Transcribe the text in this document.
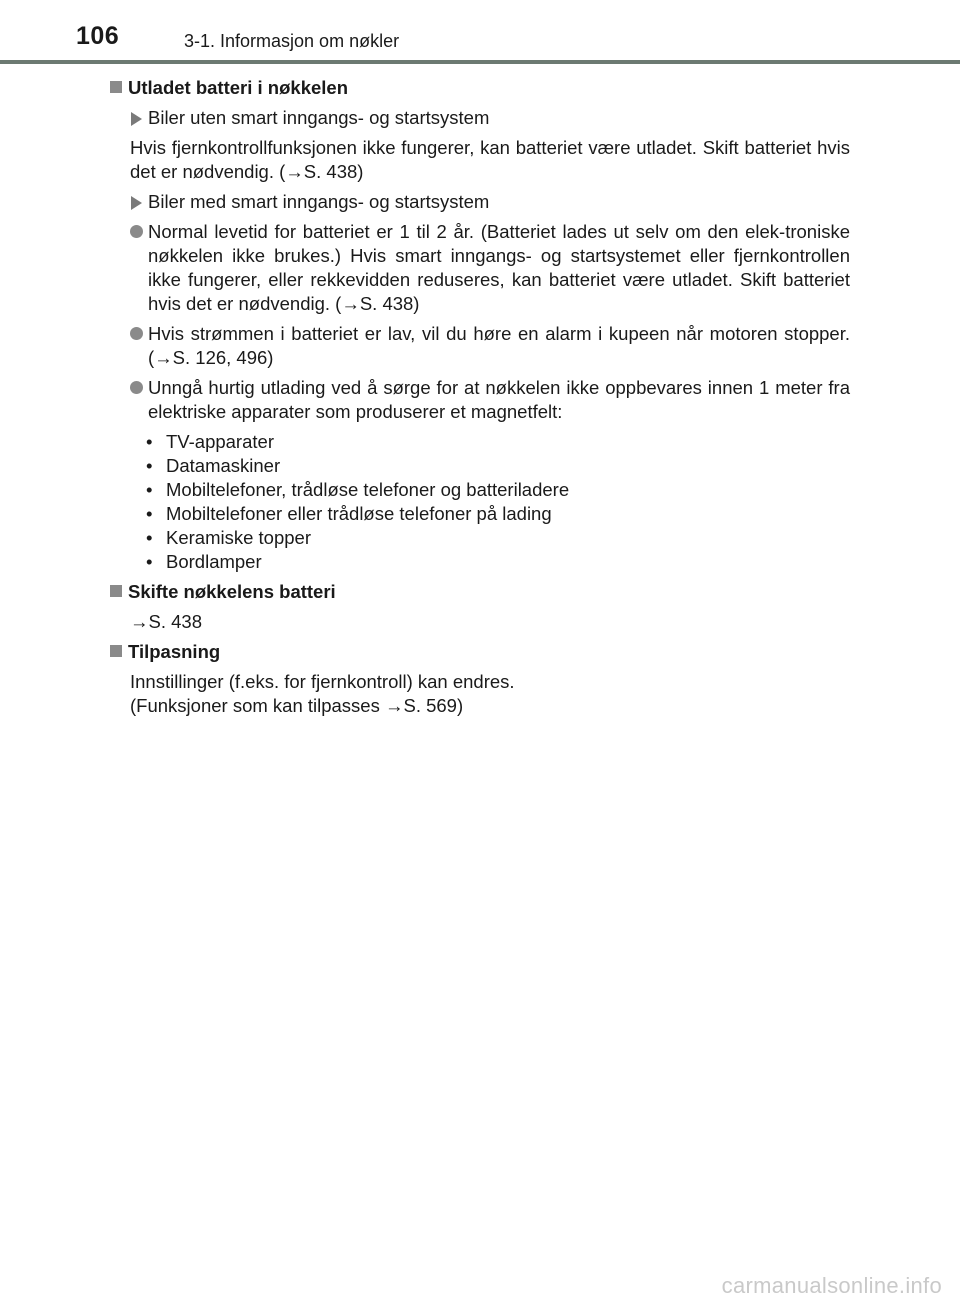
106	3-1. Informasjon om nøkler
Utladet batteri i nøkkelen
Biler uten smart inngangs- og startsystem
Hvis fjernkontrollfunksjonen ikke fungerer, kan batteriet være utladet. Skift batteriet hvis det er nødvendig. (→S. 438)
Biler med smart inngangs- og startsystem
Normal levetid for batteriet er 1 til 2 år. (Batteriet lades ut selv om den elek-troniske nøkkelen ikke brukes.) Hvis smart inngangs- og startsystemet eller fjernkontrollen ikke fungerer, eller rekkevidden reduseres, kan batteriet være utladet. Skift batteriet hvis det er nødvendig. (→S. 438)
Hvis strømmen i batteriet er lav, vil du høre en alarm i kupeen når motoren stopper. (→S. 126, 496)
Unngå hurtig utlading ved å sørge for at nøkkelen ikke oppbevares innen 1 meter fra elektriske apparater som produserer et magnetfelt:
• TV-apparater
• Datamaskiner
• Mobiltelefoner, trådløse telefoner og batteriladere
• Mobiltelefoner eller trådløse telefoner på lading
• Keramiske topper
• Bordlamper
Skifte nøkkelens batteri
→S. 438
Tilpasning
Innstillinger (f.eks. for fjernkontroll) kan endres.
(Funksjoner som kan tilpasses →S. 569)
carmanualsonline.info
